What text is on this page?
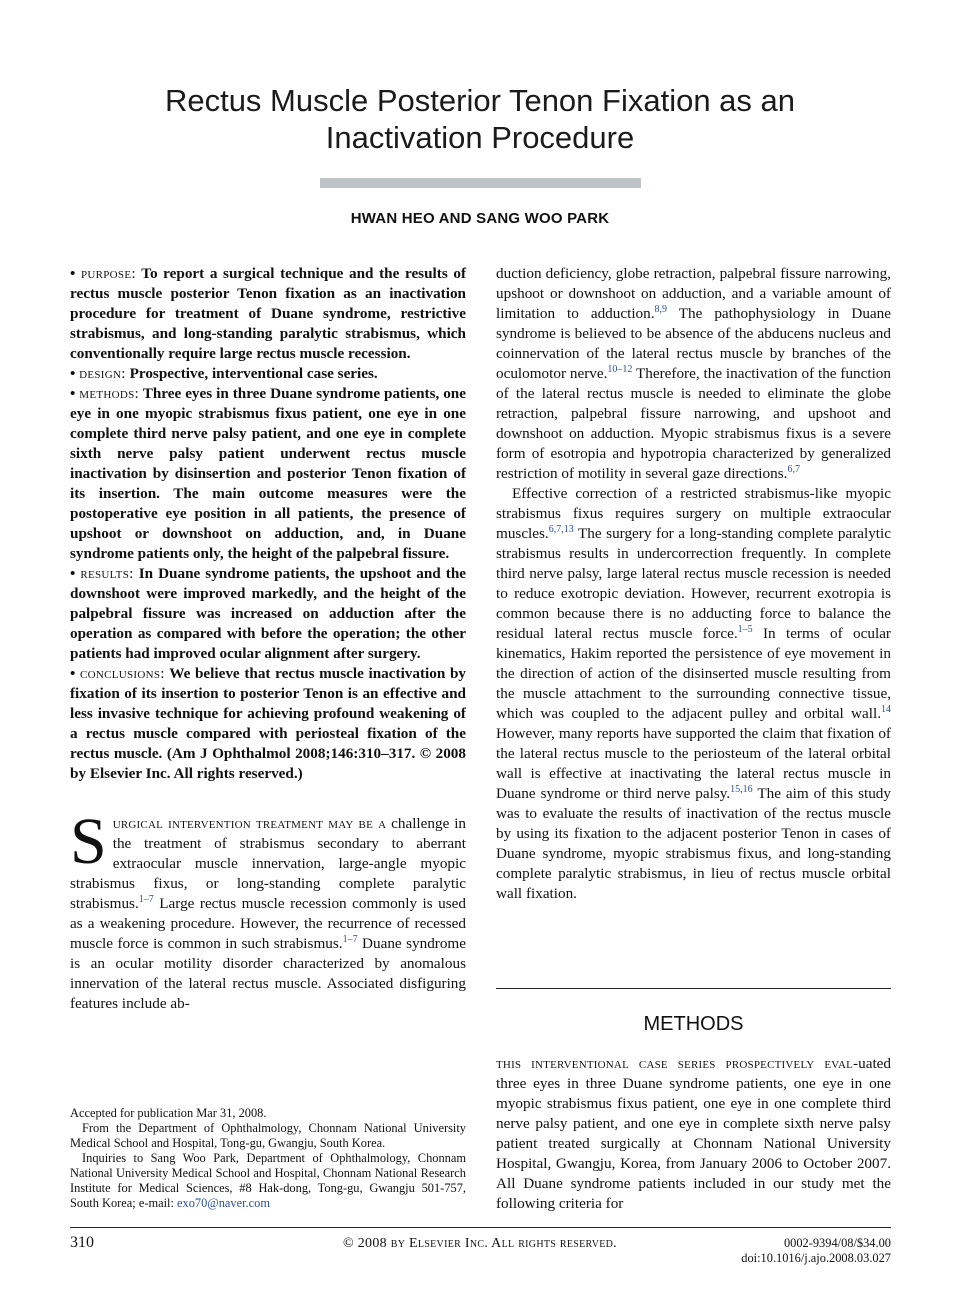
Rectus Muscle Posterior Tenon Fixation as an
Inactivation Procedure
HWAN HEO AND SANG WOO PARK

• purpose: To report a surgical technique and the results of rectus muscle posterior Tenon fixation as an inactivation procedure for treatment of Duane syndrome, restrictive strabismus, and long-standing paralytic strabismus, which conventionally require large rectus muscle recession.

• design: Prospective, interventional case series.

• methods: Three eyes in three Duane syndrome patients, one eye in one myopic strabismus fixus patient, one eye in one complete third nerve palsy patient, and one eye in complete sixth nerve palsy patient underwent rectus muscle inactivation by disinsertion and posterior Tenon fixation of its insertion. The main outcome measures were the postoperative eye position in all patients, the presence of upshoot or downshoot on adduction, and, in Duane syndrome patients only, the height of the palpebral fissure.

• results: In Duane syndrome patients, the upshoot and the downshoot were improved markedly, and the height of the palpebral fissure was increased on adduction after the operation as compared with before the operation; the other patients had improved ocular alignment after surgery.

• conclusions: We believe that rectus muscle inactivation by fixation of its insertion to posterior Tenon is an effective and less invasive technique for achieving profound weakening of a rectus muscle compared with periosteal fixation of the rectus muscle. (Am J Ophthalmol 2008;146:310–317. © 2008 by Elsevier Inc. All rights reserved.)

Surgical intervention treatment may be a challenge in the treatment of strabismus secondary to aberrant extraocular muscle innervation, large-angle myopic strabismus fixus, or long-standing complete paralytic strabismus.$^{1-7}$ Large rectus muscle recession commonly is used as a weakening procedure. However, the recurrence of recessed muscle force is common in such strabismus.$^{1-7}$ Duane syndrome is an ocular motility disorder characterized by anomalous innervation of the lateral rectus muscle. Associated disfiguring features include ab-

Accepted for publication Mar 31, 2008.

From the Department of Ophthalmology, Chonnam National University Medical School and Hospital, Tong-gu, Gwangju, South Korea.

Inquiries to Sang Woo Park, Department of Ophthalmology, Chonnam National University Medical School and Hospital, Chonnam National Research Institute for Medical Sciences, #8 Hak-dong, Tong-gu, Gwangju 501-757, South Korea; e-mail: exo70@naver.com

duction deficiency, globe retraction, palpebral fissure narrowing, upshoot or downshoot on adduction, and a variable amount of limitation to adduction.$^{8,9}$ The pathophysiology in Duane syndrome is believed to be absence of the abducens nucleus and coinnervation of the lateral rectus muscle by branches of the oculomotor nerve.$^{10-12}$ Therefore, the inactivation of the function of the lateral rectus muscle is needed to eliminate the globe retraction, palpebral fissure narrowing, and upshoot and downshoot on adduction. Myopic strabismus fixus is a severe form of esotropia and hypotropia characterized by generalized restriction of motility in several gaze directions.$^{6,7}$

Effective correction of a restricted strabismus-like myopic strabismus fixus requires surgery on multiple extraocular muscles.$^{6,7,13}$ The surgery for a long-standing complete paralytic strabismus results in undercorrection frequently. In complete third nerve palsy, large lateral rectus muscle recession is needed to reduce exotropic deviation. However, recurrent exotropia is common because there is no adducting force to balance the residual lateral rectus muscle force.$^{1-5}$ In terms of ocular kinematics, Hakim reported the persistence of eye movement in the direction of action of the disinserted muscle resulting from the muscle attachment to the surrounding connective tissue, which was coupled to the adjacent pulley and orbital wall.$^{14}$ However, many reports have supported the claim that fixation of the lateral rectus muscle to the periosteum of the lateral orbital wall is effective at inactivating the lateral rectus muscle in Duane syndrome or third nerve palsy.$^{15,16}$ The aim of this study was to evaluate the results of inactivation of the rectus muscle by using its fixation to the adjacent posterior Tenon in cases of Duane syndrome, myopic strabismus fixus, and long-standing complete paralytic strabismus, in lieu of rectus muscle orbital wall fixation.

METHODS

this interventional case series prospectively eval-uated three eyes in three Duane syndrome patients, one eye in one myopic strabismus fixus patient, one eye in one complete third nerve palsy patient, and one eye in complete sixth nerve palsy patient treated surgically at Chonnam National University Hospital, Gwangju, Korea, from January 2006 to October 2007. All Duane syndrome patients included in our study met the following criteria for

310	© 2008 by Elsevier Inc. All rights reserved.	0002-9394/08/$34.00
doi:10.1016/j.ajo.2008.03.027
